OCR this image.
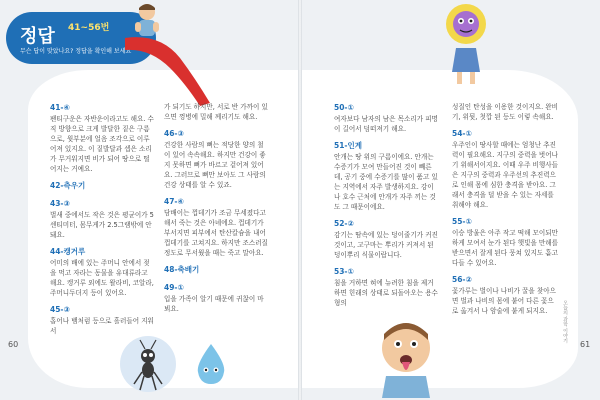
정답 41~56번
무슨 답이 맞았나요? 정답을 확인해 보세요
41-④
팬티구운은 자반운이라고도 해요. 수직 방향으로 크게 발달한 짙은 구름으로, 윗부분에 얼음 조각으로 이루어져 있지요. 이 짙발달과 셉은 소리가 무거워지면 비가 되어 땅으로 떨어지는 거예요.
42-측우기
43-③
벌새 중에서도 작은 것은 평균이가 5센티미터, 몸무게가 2.5그램밖에 안 돼요.
44-캥거루
어미의 배에 있는 주머니 안에서 젖을 먹고 자라는 동물을 유대류라고 해요. 캥거루 외에도 왈라비, 코알라, 주머니두더지 등이 있어요.
45-③
홉어나 뱀처럼 등으로 흘러들어 지워서
가 되기도 하지만, 서로 반 가까이 있으면 껑병에 밀해 께리기도 해요.
46-③
건강한 사람의 뼈는 적당한 양의 철이 있어 속속해요. 하지만 건강이 좋지 못하면 뼈가 바르고 겉어져 있어요. 그러므로 뼈만 보아도 그 사람의 건강 상태를 알 수 있죠.
47-④
담배이는 껍데기가 조금 무세졌다고 해서 죽는 것은 아녜에요. 껍데기가 부서지면 피부에서 탄산칼슘을 내어 껍데기를 고쳐지요. 하지만 조스러질 정도로 무서웠을 때는 죽고 말아요.
48-축배기
49-①
입을 가족이 알기 때문에 귀찮이 마뵈요.
50-①
여자보다 남자의 남은 목소리가 피명이 길어서 덤떠져기 해요.
51-인계
안개는 땅 위의 구름이에요. 안개는 수증기가 모여 만들어진 것이 빼른데, 공기 중에 수증기를 많이 품고 있는 지역에서 자주 발생하지요. 강이나 호수 근처에 안개가 자주 끼는 것도 그 때문이에요.
52-②
감기는 땀속에 있는 덩이줄기가 커진 것이고, 고구마는 뿌리가 커져서 된 덩이뿌리 식물이랍니다.
53-①
침을 거하면 혀에 뉴려한 침을 제거하면 힌래의 상태로 되돌아오는 용수형의
성질인 탄성을 이용한 것이지요. 완비기, 위뒷, 첫깝 된 등도 이렇 속해요.
54-①
우주인이 땅사할 때에는 엄청난 추진력이 필요해요. 지구의 중력을 벗어나기 위해서이지요. 이때 우주 비행사들은 지구의 중력과 우주선의 추진력으로 인해 몸에 심한 충격을 받아요. 그래서 충격을 덜 받을 수 있는 자세를 취해야 해요.
55-①
이승 방울은 아주 작고 떡해 모이되만 하게 모여서 눈가 된다 햇빛을 만해를 받으면서 잘게 된다 뭉쳐 있지도 흩고 다들 수 있어요.
56-②
꽃가루는 벌이나 나비가 꿀을 찾아으면 벌과 나비의 몸에 붙어 다른 꽃으로 옮겨서 나 암술에 붙게 되지요.
60	61
오늘의 과학 이야기
